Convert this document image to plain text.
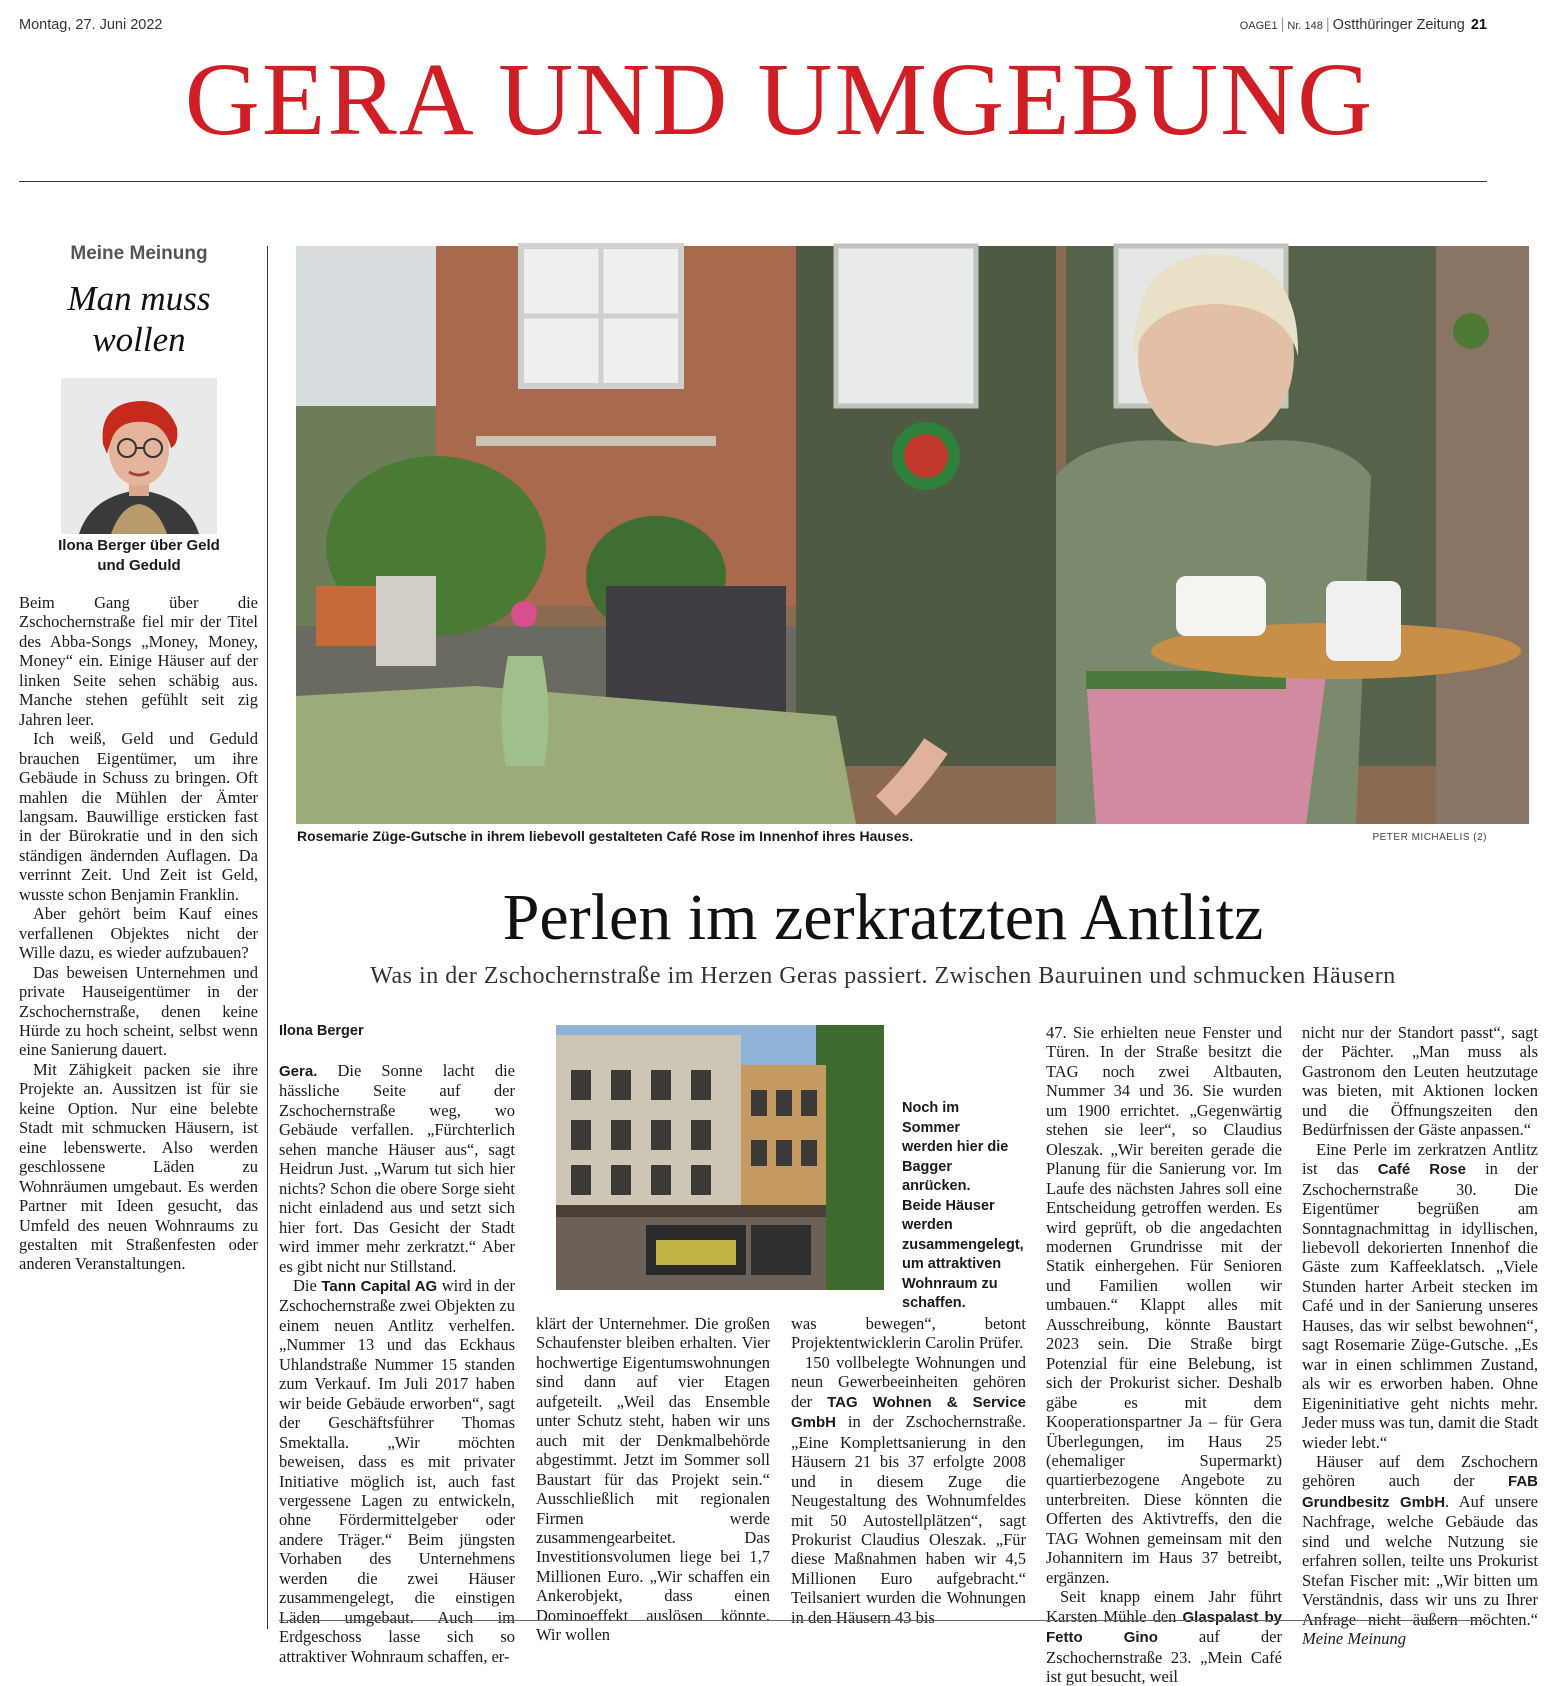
Montag, 27. Juni 2022	OAGE1 | Nr. 148 | Ostthüringer Zeitung 21
GERA UND UMGEBUNG
Meine Meinung
Man muss
wollen
Ilona Berger über Geld
und Geduld

Beim Gang über die Zschochernstraße fiel mir der Titel des Abba-Songs „Money, Money, Money“ ein. Einige Häuser auf der linken Seite sehen schäbig aus. Manche stehen gefühlt seit zig Jahren leer.

Ich weiß, Geld und Geduld brauchen Eigentümer, um ihre Gebäude in Schuss zu bringen. Oft mahlen die Mühlen der Ämter langsam. Bauwillige ersticken fast in der Bürokratie und in den sich ständigen ändernden Auflagen. Da verrinnt Zeit. Und Zeit ist Geld, wusste schon Benjamin Franklin.

Aber gehört beim Kauf eines verfallenen Objektes nicht der Wille dazu, es wieder aufzubauen?

Das beweisen Unternehmen und private Hauseigentümer in der Zschochernstraße, denen keine Hürde zu hoch scheint, selbst wenn eine Sanierung dauert.

Mit Zähigkeit packen sie ihre Projekte an. Aussitzen ist für sie keine Option. Nur eine belebte Stadt mit schmucken Häusern, ist eine lebenswerte. Also werden geschlossene Läden zu Wohnräumen umgebaut. Es werden Partner mit Ideen gesucht, das Umfeld des neuen Wohnraums zu gestalten mit Straßenfesten oder anderen Veranstaltungen.

Rosemarie Züge-Gutsche in ihrem liebevoll gestalteten Café Rose im Innenhof ihres Hauses.	PETER MICHAELIS (2)
Perlen im zerkratzten Antlitz
Was in der Zschochernstraße im Herzen Geras passiert. Zwischen Bauruinen und schmucken Häusern
Ilona Berger

Gera. Die Sonne lacht die hässliche Seite auf der Zschochernstraße weg, wo Gebäude verfallen. „Fürchterlich sehen manche Häuser aus“, sagt Heidrun Just. „Warum tut sich hier nichts? Schon die obere Sorge sieht nicht einladend aus und setzt sich hier fort. Das Gesicht der Stadt wird immer mehr zerkratzt.“ Aber es gibt nicht nur Stillstand.

Die Tann Capital AG wird in der Zschochernstraße zwei Objekten zu einem neuen Antlitz verhelfen. „Nummer 13 und das Eckhaus Uhlandstraße Nummer 15 standen zum Verkauf. Im Juli 2017 haben wir beide Gebäude erworben“, sagt der Geschäftsführer Thomas Smektalla. „Wir möchten beweisen, dass es mit privater Initiative möglich ist, auch fast vergessene Lagen zu entwickeln, ohne Fördermittelgeber oder andere Träger.“ Beim jüngsten Vorhaben des Unternehmens werden die zwei Häuser zusammengelegt, die einstigen Läden umgebaut. Auch im Erdgeschoss lasse sich so attraktiver Wohnraum schaffen, er-

Noch im Sommer werden hier die Bagger anrücken. Beide Häuser werden zusammengelegt, um attraktiven Wohnraum zu schaffen.

klärt der Unternehmer. Die großen Schaufenster bleiben erhalten. Vier hochwertige Eigentumswohnungen sind dann auf vier Etagen aufgeteilt. „Weil das Ensemble unter Schutz steht, haben wir uns auch mit der Denkmalbehörde abgestimmt. Jetzt im Sommer soll Baustart für das Projekt sein.“ Ausschließlich mit regionalen Firmen werde zusammengearbeitet. Das Investitionsvolumen liege bei 1,7 Millionen Euro. „Wir schaffen ein Ankerobjekt, dass einen Dominoeffekt auslösen könnte. Wir wollen

was bewegen“, betont Projektentwicklerin Carolin Prüfer.

150 vollbelegte Wohnungen und neun Gewerbeeinheiten gehören der TAG Wohnen & Service GmbH in der Zschochernstraße. „Eine Komplettsanierung in den Häusern 21 bis 37 erfolgte 2008 und in diesem Zuge die Neugestaltung des Wohnumfeldes mit 50 Autostellplätzen“, sagt Prokurist Claudius Oleszak. „Für diese Maßnahmen haben wir 4,5 Millionen Euro aufgebracht.“ Teilsaniert wurden die Wohnungen in den Häusern 43 bis

47. Sie erhielten neue Fenster und Türen. In der Straße besitzt die TAG noch zwei Altbauten, Nummer 34 und 36. Sie wurden um 1900 errichtet. „Gegenwärtig stehen sie leer“, so Claudius Oleszak. „Wir bereiten gerade die Planung für die Sanierung vor. Im Laufe des nächsten Jahres soll eine Entscheidung getroffen werden. Es wird geprüft, ob die angedachten modernen Grundrisse mit der Statik einhergehen. Für Senioren und Familien wollen wir umbauen.“ Klappt alles mit Ausschreibung, könnte Baustart 2023 sein. Die Straße birgt Potenzial für eine Belebung, ist sich der Prokurist sicher. Deshalb gäbe es mit dem Kooperationspartner Ja – für Gera Überlegungen, im Haus 25 (ehemaliger Supermarkt) quartierbezogene Angebote zu unterbreiten. Diese könnten die Offerten des Aktivtreffs, den die TAG Wohnen gemeinsam mit den Johannitern im Haus 37 betreibt, ergänzen.

Seit knapp einem Jahr führt Karsten Mühle den Glaspalast by Fetto Gino auf der Zschochernstraße 23. „Mein Café ist gut besucht, weil

nicht nur der Standort passt“, sagt der Pächter. „Man muss als Gastronom den Leuten heutzutage was bieten, mit Aktionen locken und die Öffnungszeiten den Bedürfnissen der Gäste anpassen.“

Eine Perle im zerkratzen Antlitz ist das Café Rose in der Zschochernstraße 30. Die Eigentümer begrüßen am Sonntagnachmittag in idyllischen, liebevoll dekorierten Innenhof die Gäste zum Kaffeeklatsch. „Viele Stunden harter Arbeit stecken im Café und in der Sanierung unseres Hauses, das wir selbst bewohnen“, sagt Rosemarie Züge-Gutsche. „Es war in einen schlimmen Zustand, als wir es erworben haben. Ohne Eigeninitiative geht nichts mehr. Jeder muss was tun, damit die Stadt wieder lebt.“

Häuser auf dem Zschochern gehören auch der FAB Grundbesitz GmbH. Auf unsere Nachfrage, welche Gebäude das sind und welche Nutzung sie erfahren sollen, teilte uns Prokurist Stefan Fischer mit: „Wir bitten um Verständnis, dass wir uns zu Ihrer Anfrage nicht äußern möchten.“ Meine Meinung
